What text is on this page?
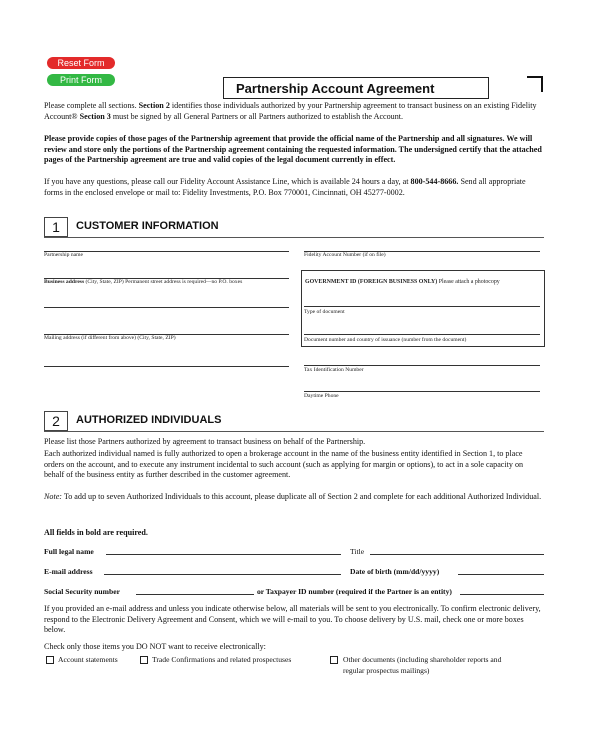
Reset Form
Print Form
Partnership Account Agreement
Please complete all sections. Section 2 identifies those individuals authorized by your Partnership agreement to transact business on an existing Fidelity Account® Section 3 must be signed by all General Partners or all Partners authorized to establish the Account.
Please provide copies of those pages of the Partnership agreement that provide the official name of the Partnership and all signatures. We will review and store only the portions of the Partnership agreement containing the requested information. The undersigned certify that the attached pages of the Partnership agreement are true and valid copies of the legal document currently in effect.
If you have any questions, please call our Fidelity Account Assistance Line, which is available 24 hours a day, at 800-544-8666. Send all appropriate forms in the enclosed envelope or mail to: Fidelity Investments, P.O. Box 770001, Cincinnati, OH 45277-0002.
1	CUSTOMER INFORMATION
Partnership name	Fidelity Account Number (if on file)
Business address (City, State, ZIP) Permanent street address is required—no P.O. boxes	GOVERNMENT ID (FOREIGN BUSINESS ONLY) Please attach a photocopy
Type of document
Document number and country of issuance (number from the document)
Mailing address (if different from above) (City, State, ZIP)
Tax Identification Number
Daytime Phone
2	AUTHORIZED INDIVIDUALS
Please list those Partners authorized by agreement to transact business on behalf of the Partnership.
Each authorized individual named is fully authorized to open a brokerage account in the name of the business entity identified in Section 1, to place orders on the account, and to execute any instrument incidental to such account (such as applying for margin or options), to act in a sole capacity on behalf of the business entity as further described in the customer agreement.
Note: To add up to seven Authorized Individuals to this account, please duplicate all of Section 2 and complete for each additional Authorized Individual.
All fields in bold are required.
Full legal name	Title
E-mail address	Date of birth (mm/dd/yyyy)
Social Security number	or Taxpayer ID number (required if the Partner is an entity)
If you provided an e-mail address and unless you indicate otherwise below, all materials will be sent to you electronically. To confirm electronic delivery, respond to the Electronic Delivery Agreement and Consent, which we will e-mail to you. To choose delivery by U.S. mail, check one or more boxes below.
Check only those items you DO NOT want to receive electronically:
Account statements	Trade Confirmations and related prospectuses	Other documents (including shareholder reports and
regular prospectus mailings)
